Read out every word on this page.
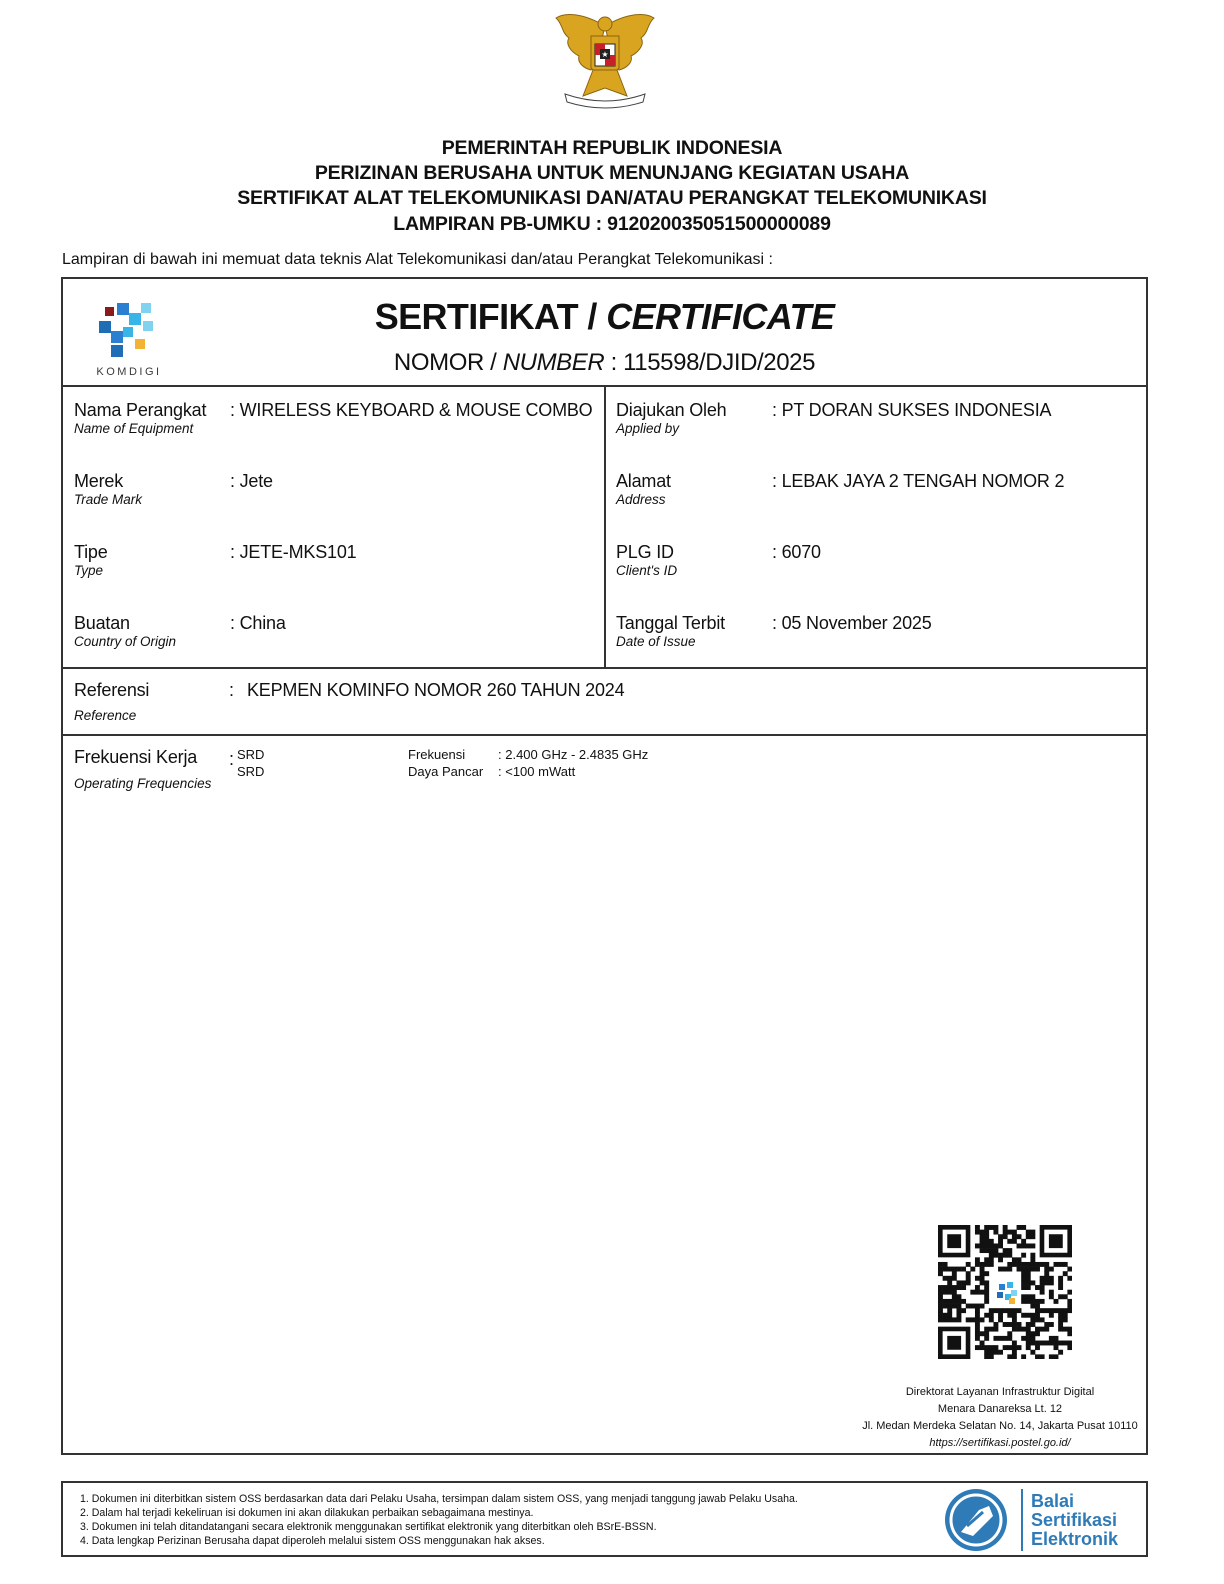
★
PEMERINTAH REPUBLIK INDONESIA
PERIZINAN BERUSAHA UNTUK MENUNJANG KEGIATAN USAHA
SERTIFIKAT ALAT TELEKOMUNIKASI DAN/ATAU PERANGKAT TELEKOMUNIKASI
LAMPIRAN PB-UMKU : 912020035051500000089
Lampiran di bawah ini memuat data teknis Alat Telekomunikasi dan/atau Perangkat Telekomunikasi :
KOMDIGI
SERTIFIKAT / CERTIFICATE
NOMOR / NUMBER : 115598/DJID/2025
Nama Perangkat
Name of Equipment
: WIRELESS KEYBOARD & MOUSE COMBO
Merek
Trade Mark
: Jete
Tipe
Type
: JETE-MKS101
Buatan
Country of Origin
: China
Diajukan Oleh
Applied by
: PT DORAN SUKSES INDONESIA
Alamat
Address
: LEBAK JAYA 2 TENGAH NOMOR 2
PLG ID
Client's ID
: 6070
Tanggal Terbit
Date of Issue
: 05 November 2025
Referensi
Reference
: KEPMEN KOMINFO NOMOR 260 TAHUN 2024
Frekuensi Kerja
Operating Frequencies
: SRD	Frekuensi	: 2.400 GHz - 2.4835 GHz
SRD	Daya Pancar : <100 mWatt
Direktorat Layanan Infrastruktur Digital
Menara Danareksa Lt. 12
Jl. Medan Merdeka Selatan No. 14, Jakarta Pusat 10110
https://sertifikasi.postel.go.id/
1. Dokumen ini diterbitkan sistem OSS berdasarkan data dari Pelaku Usaha, tersimpan dalam sistem OSS, yang menjadi tanggung jawab Pelaku Usaha.
2. Dalam hal terjadi kekeliruan isi dokumen ini akan dilakukan perbaikan sebagaimana mestinya.
3. Dokumen ini telah ditandatangani secara elektronik menggunakan sertifikat elektronik yang diterbitkan oleh BSrE-BSSN.
4. Data lengkap Perizinan Berusaha dapat diperoleh melalui sistem OSS menggunakan hak akses.
Balai
Sertifikasi
Elektronik
